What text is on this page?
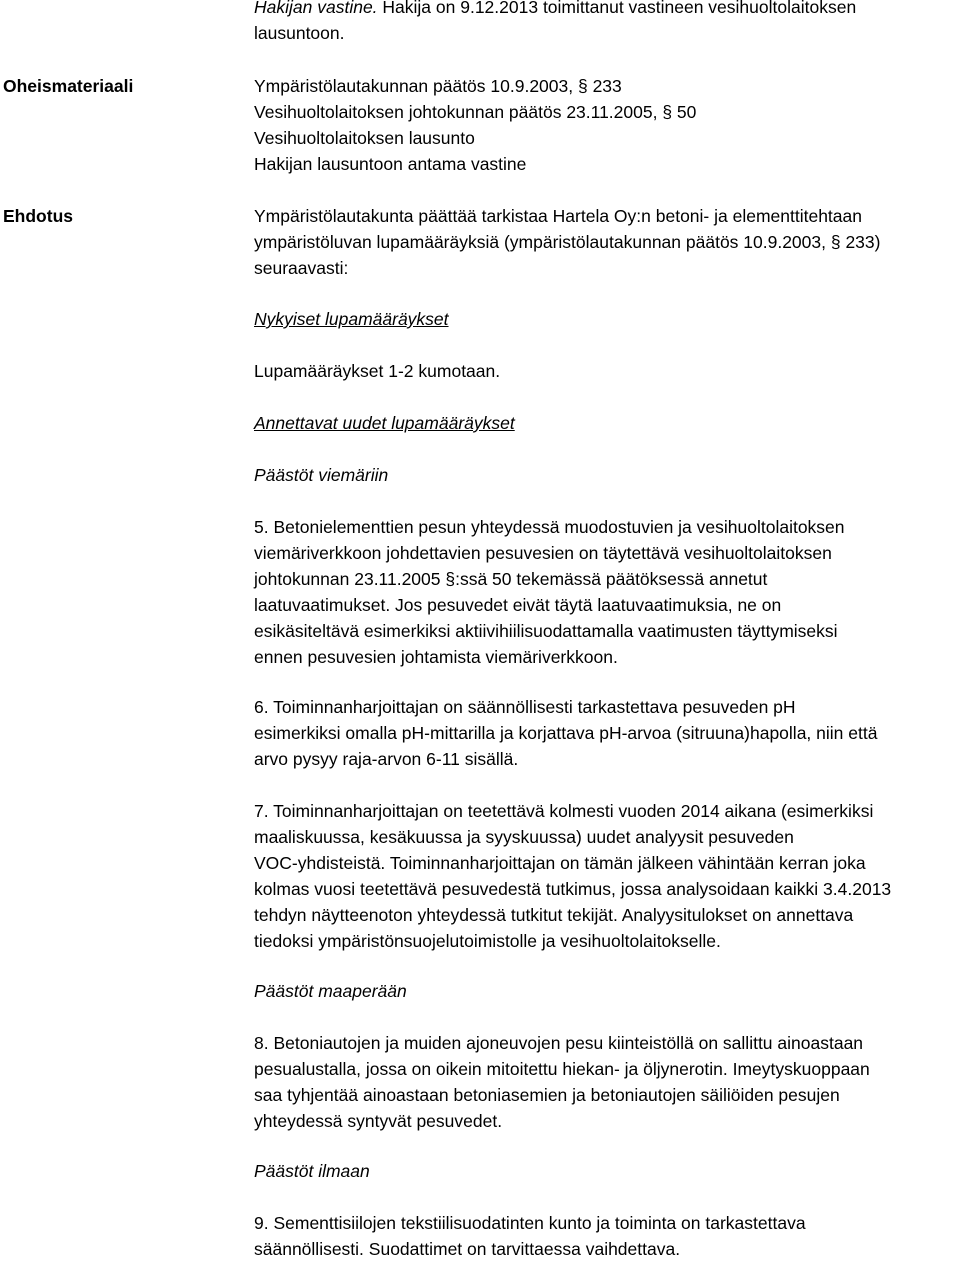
Hakijan vastine. Hakija on 9.12.2013 toimittanut vastineen vesihuoltolaitoksen
lausuntoon.
Oheismateriaali	Ympäristölautakunnan päätös 10.9.2003, § 233
Vesihuoltolaitoksen johtokunnan päätös 23.11.2005, § 50
Vesihuoltolaitoksen lausunto
Hakijan lausuntoon antama vastine
Ehdotus	Ympäristölautakunta päättää tarkistaa Hartela Oy:n betoni- ja elementtitehtaan
ympäristöluvan lupamääräyksiä (ympäristölautakunnan päätös 10.9.2003, § 233)
seuraavasti:
Nykyiset lupamääräykset
Lupamääräykset 1-2 kumotaan.
Annettavat uudet lupamääräykset
Päästöt viemäriin
5. Betonielementtien pesun yhteydessä muodostuvien ja vesihuoltolaitoksen
viemäriverkkoon johdettavien pesuvesien on täytettävä vesihuoltolaitoksen
johtokunnan 23.11.2005 §:ssä 50 tekemässä päätöksessä annetut
laatuvaatimukset. Jos pesuvedet eivät täytä laatuvaatimuksia, ne on
esikäsiteltävä esimerkiksi aktiivihiilisuodattamalla vaatimusten täyttymiseksi
ennen pesuvesien johtamista viemäriverkkoon.
6. Toiminnanharjoittajan on säännöllisesti tarkastettava pesuveden pH
esimerkiksi omalla pH-mittarilla ja korjattava pH-arvoa (sitruuna)hapolla, niin että
arvo pysyy raja-arvon 6-11 sisällä.
7. Toiminnanharjoittajan on teetettävä kolmesti vuoden 2014 aikana (esimerkiksi
maaliskuussa, kesäkuussa ja syyskuussa) uudet analyysit pesuveden
VOC-yhdisteistä. Toiminnanharjoittajan on tämän jälkeen vähintään kerran joka
kolmas vuosi teetettävä pesuvedestä tutkimus, jossa analysoidaan kaikki 3.4.2013
tehdyn näytteenoton yhteydessä tutkitut tekijät. Analyysitulokset on annettava
tiedoksi ympäristönsuojelutoimistolle ja vesihuoltolaitokselle.
Päästöt maaperään
8. Betoniautojen ja muiden ajoneuvojen pesu kiinteistöllä on sallittu ainoastaan
pesualustalla, jossa on oikein mitoitettu hiekan- ja öljynerotin. Imeytyskuoppaan
saa tyhjentää ainoastaan betoniasemien ja betoniautojen säiliöiden pesujen
yhteydessä syntyvät pesuvedet.
Päästöt ilmaan
9. Sementtisiilojen tekstiilisuodatinten kunto ja toiminta on tarkastettava
säännöllisesti. Suodattimet on tarvittaessa vaihdettava.
